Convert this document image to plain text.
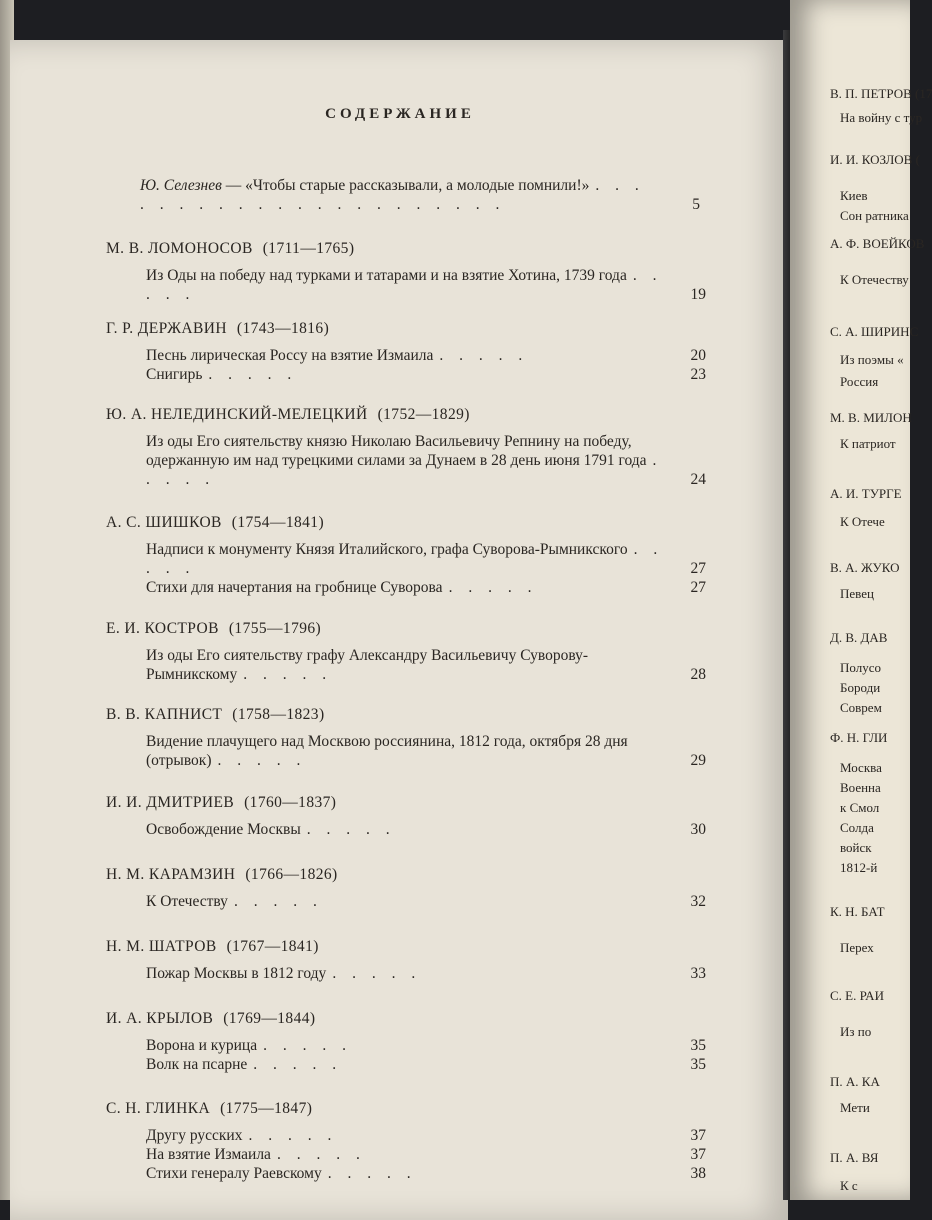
СОДЕРЖАНИЕ
Ю. Селезнев — «Чтобы старые рассказывали, а молодые помнили!» . . . . . . . . . . . . . . . . . . . . . .	5
М. В. ЛОМОНОСОВ (1711—1765)
Из Оды на победу над турками и татарами и на взятие Хотина, 1739 года . . . . .	19
Г. Р. ДЕРЖАВИН (1743—1816)
Песнь лирическая Россу на взятие Измаила . . . . .	20
Снигирь . . . . .	23
Ю. А. НЕЛЕДИНСКИЙ-МЕЛЕЦКИЙ (1752—1829)
Из оды Его сиятельству князю Николаю Васильевичу Репнину на победу, одержанную им над турецкими силами за Дунаем в 28 день июня 1791 года . . . . .	24
А. С. ШИШКОВ (1754—1841)
Надписи к монументу Князя Италийского, графа Суворова-Рымникского . . . . .	27
Стихи для начертания на гробнице Суворова . . . . .	27
Е. И. КОСТРОВ (1755—1796)
Из оды Его сиятельству графу Александру Васильевичу Суворову-Рымникскому . . . . .	28
В. В. КАПНИСТ (1758—1823)
Видение плачущего над Москвою россиянина, 1812 года, октября 28 дня (отрывок) . . . . .	29
И. И. ДМИТРИЕВ (1760—1837)
Освобождение Москвы . . . . .	30
Н. М. КАРАМЗИН (1766—1826)
К Отечеству . . . . .	32
Н. М. ШАТРОВ (1767—1841)
Пожар Москвы в 1812 году . . . . .	33
И. А. КРЫЛОВ (1769—1844)
Ворона и курица . . . . .	35
Волк на псарне . . . . .	35
С. Н. ГЛИНКА (1775—1847)
Другу русских . . . . .	37
На взятие Измаила . . . . .	37
Стихи генералу Раевскому . . . . .	38
В. П. ПЕТРОВ (17
На войну с тур
И. И. КОЗЛОВ (
Киев
Сон ратника
А. Ф. ВОЕЙКОВ
К Отечеству
С. А. ШИРИНС
Из поэмы «
Россия
М. В. МИЛОН
К патриот
А. И. ТУРГЕ
К Отече
В. А. ЖУКО
Певец
Д. В. ДАВ
Полусо
Бороди
Соврем
Ф. Н. ГЛИ
Москва
Военна
к Смол
Солда
войск
1812-й
К. Н. БАТ
Перех
С. Е. РАИ
Из по
П. А. КА
Мети
П. А. ВЯ
К с
